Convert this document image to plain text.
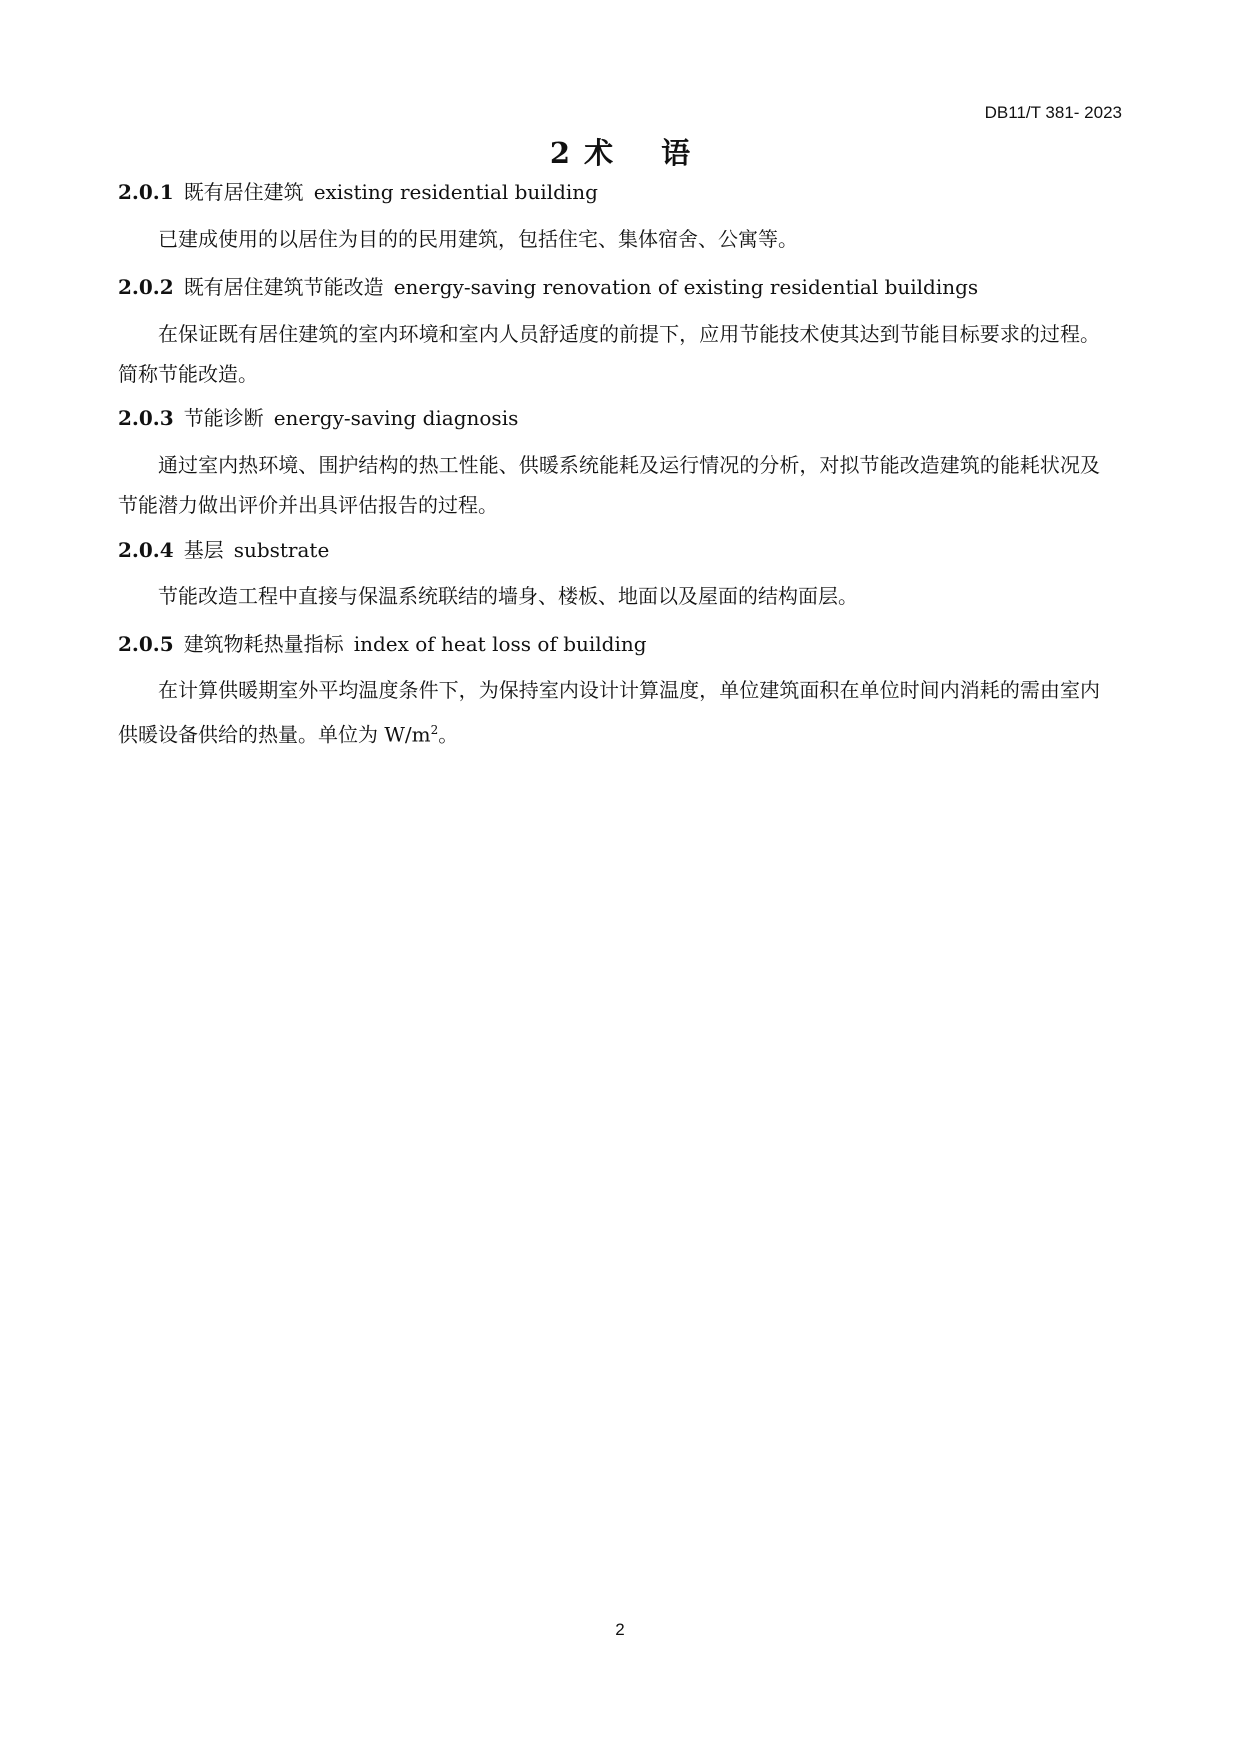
DB11/T 381- 2023
2 术 语
2.0.1 既有居住建筑 existing residential building
已建成使用的以居住为目的的民用建筑，包括住宅、集体宿舍、公寓等。
2.0.2 既有居住建筑节能改造 energy-saving renovation of existing residential buildings
在保证既有居住建筑的室内环境和室内人员舒适度的前提下，应用节能技术使其达到节能目标要求的过程。简称节能改造。
2.0.3 节能诊断 energy-saving diagnosis
通过室内热环境、围护结构的热工性能、供暖系统能耗及运行情况的分析，对拟节能改造建筑的能耗状况及节能潜力做出评价并出具评估报告的过程。
2.0.4 基层 substrate
节能改造工程中直接与保温系统联结的墙身、楼板、地面以及屋面的结构面层。
2.0.5 建筑物耗热量指标 index of heat loss of building
在计算供暖期室外平均温度条件下，为保持室内设计计算温度，单位建筑面积在单位时间内消耗的需由室内供暖设备供给的热量。单位为 $W/m^2$。
2
